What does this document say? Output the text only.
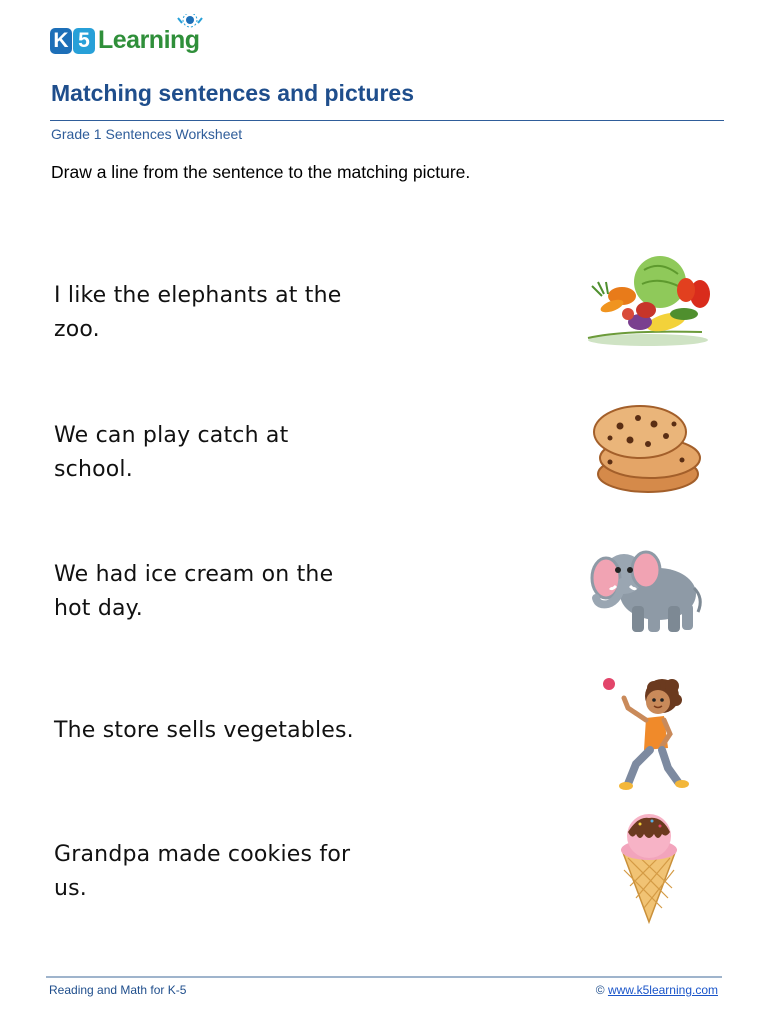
K 5 Learning
Matching sentences and pictures
Grade 1 Sentences Worksheet
Draw a line from the sentence to the matching picture.
I like the elephants at the
zoo.
We can play catch at
school.
We had ice cream on the
hot day.
The store sells vegetables.
Grandpa made cookies for
us.
Reading and Math for K-5	© www.k5learning.com
